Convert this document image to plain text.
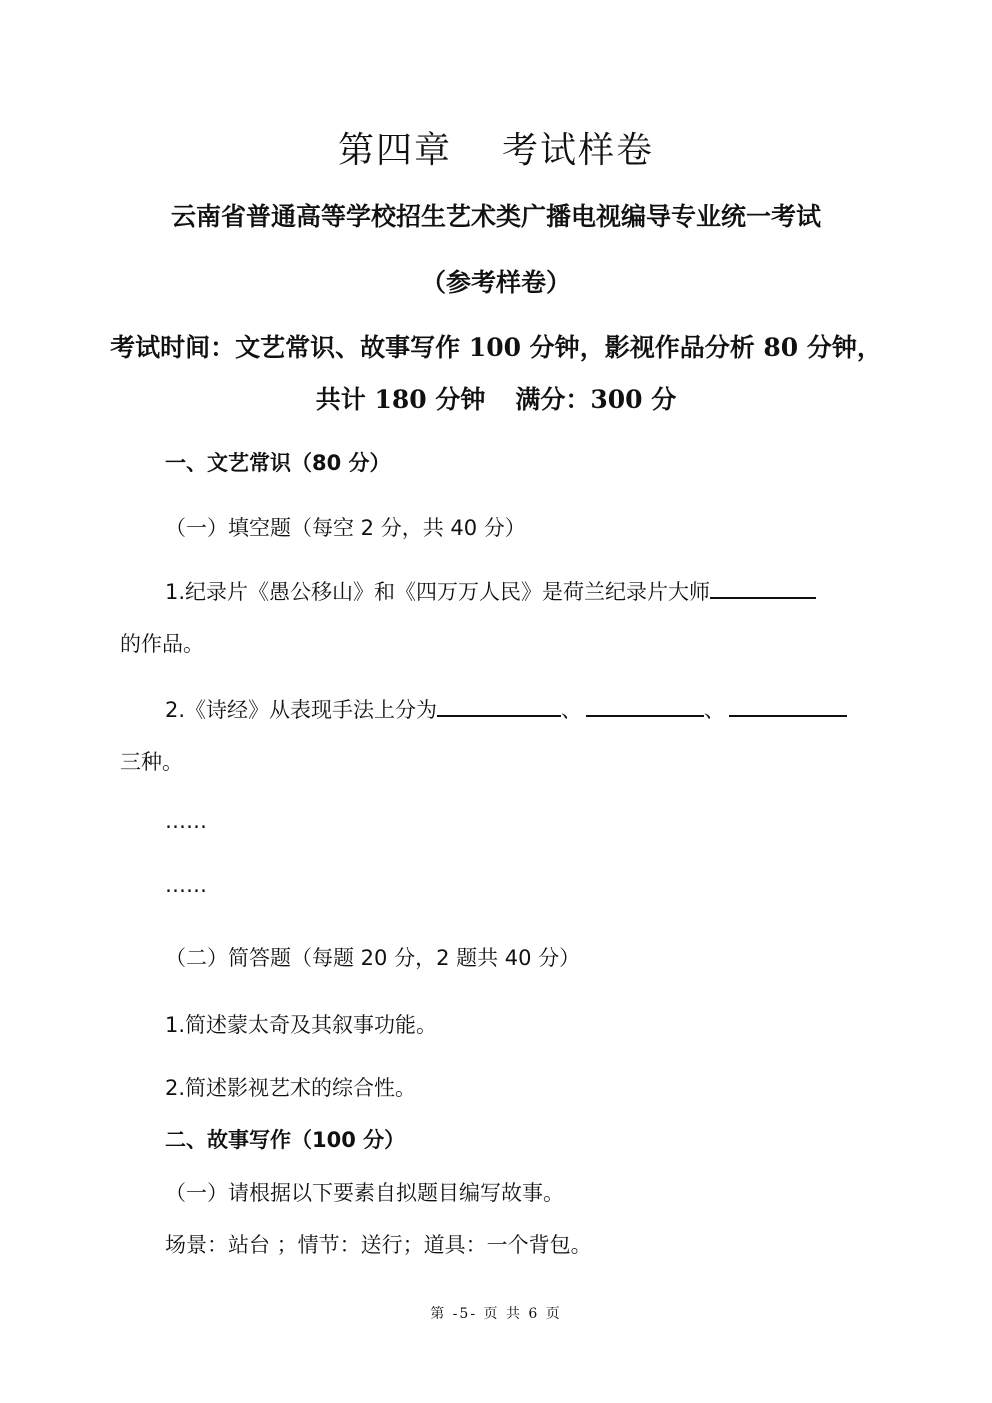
第四章 考试样卷
云南省普通高等学校招生艺术类广播电视编导专业统一考试
（参考样卷）
考试时间：文艺常识、故事写作 100 分钟，影视作品分析 80 分钟，
共计 180 分钟 满分：300 分
一、文艺常识（80 分）
（一）填空题（每空 2 分，共 40 分）
1.纪录片《愚公移山》和《四万万人民》是荷兰纪录片大师
的作品。
2.《诗经》从表现手法上分为	、	、
三种。
……
……
（二）简答题（每题 20 分，2 题共 40 分）
1.简述蒙太奇及其叙事功能。
2.简述影视艺术的综合性。
二、故事写作（100 分）
（一）请根据以下要素自拟题目编写故事。
场景：站台 ；情节：送行；道具：一个背包。
第 -5- 页 共 6 页
